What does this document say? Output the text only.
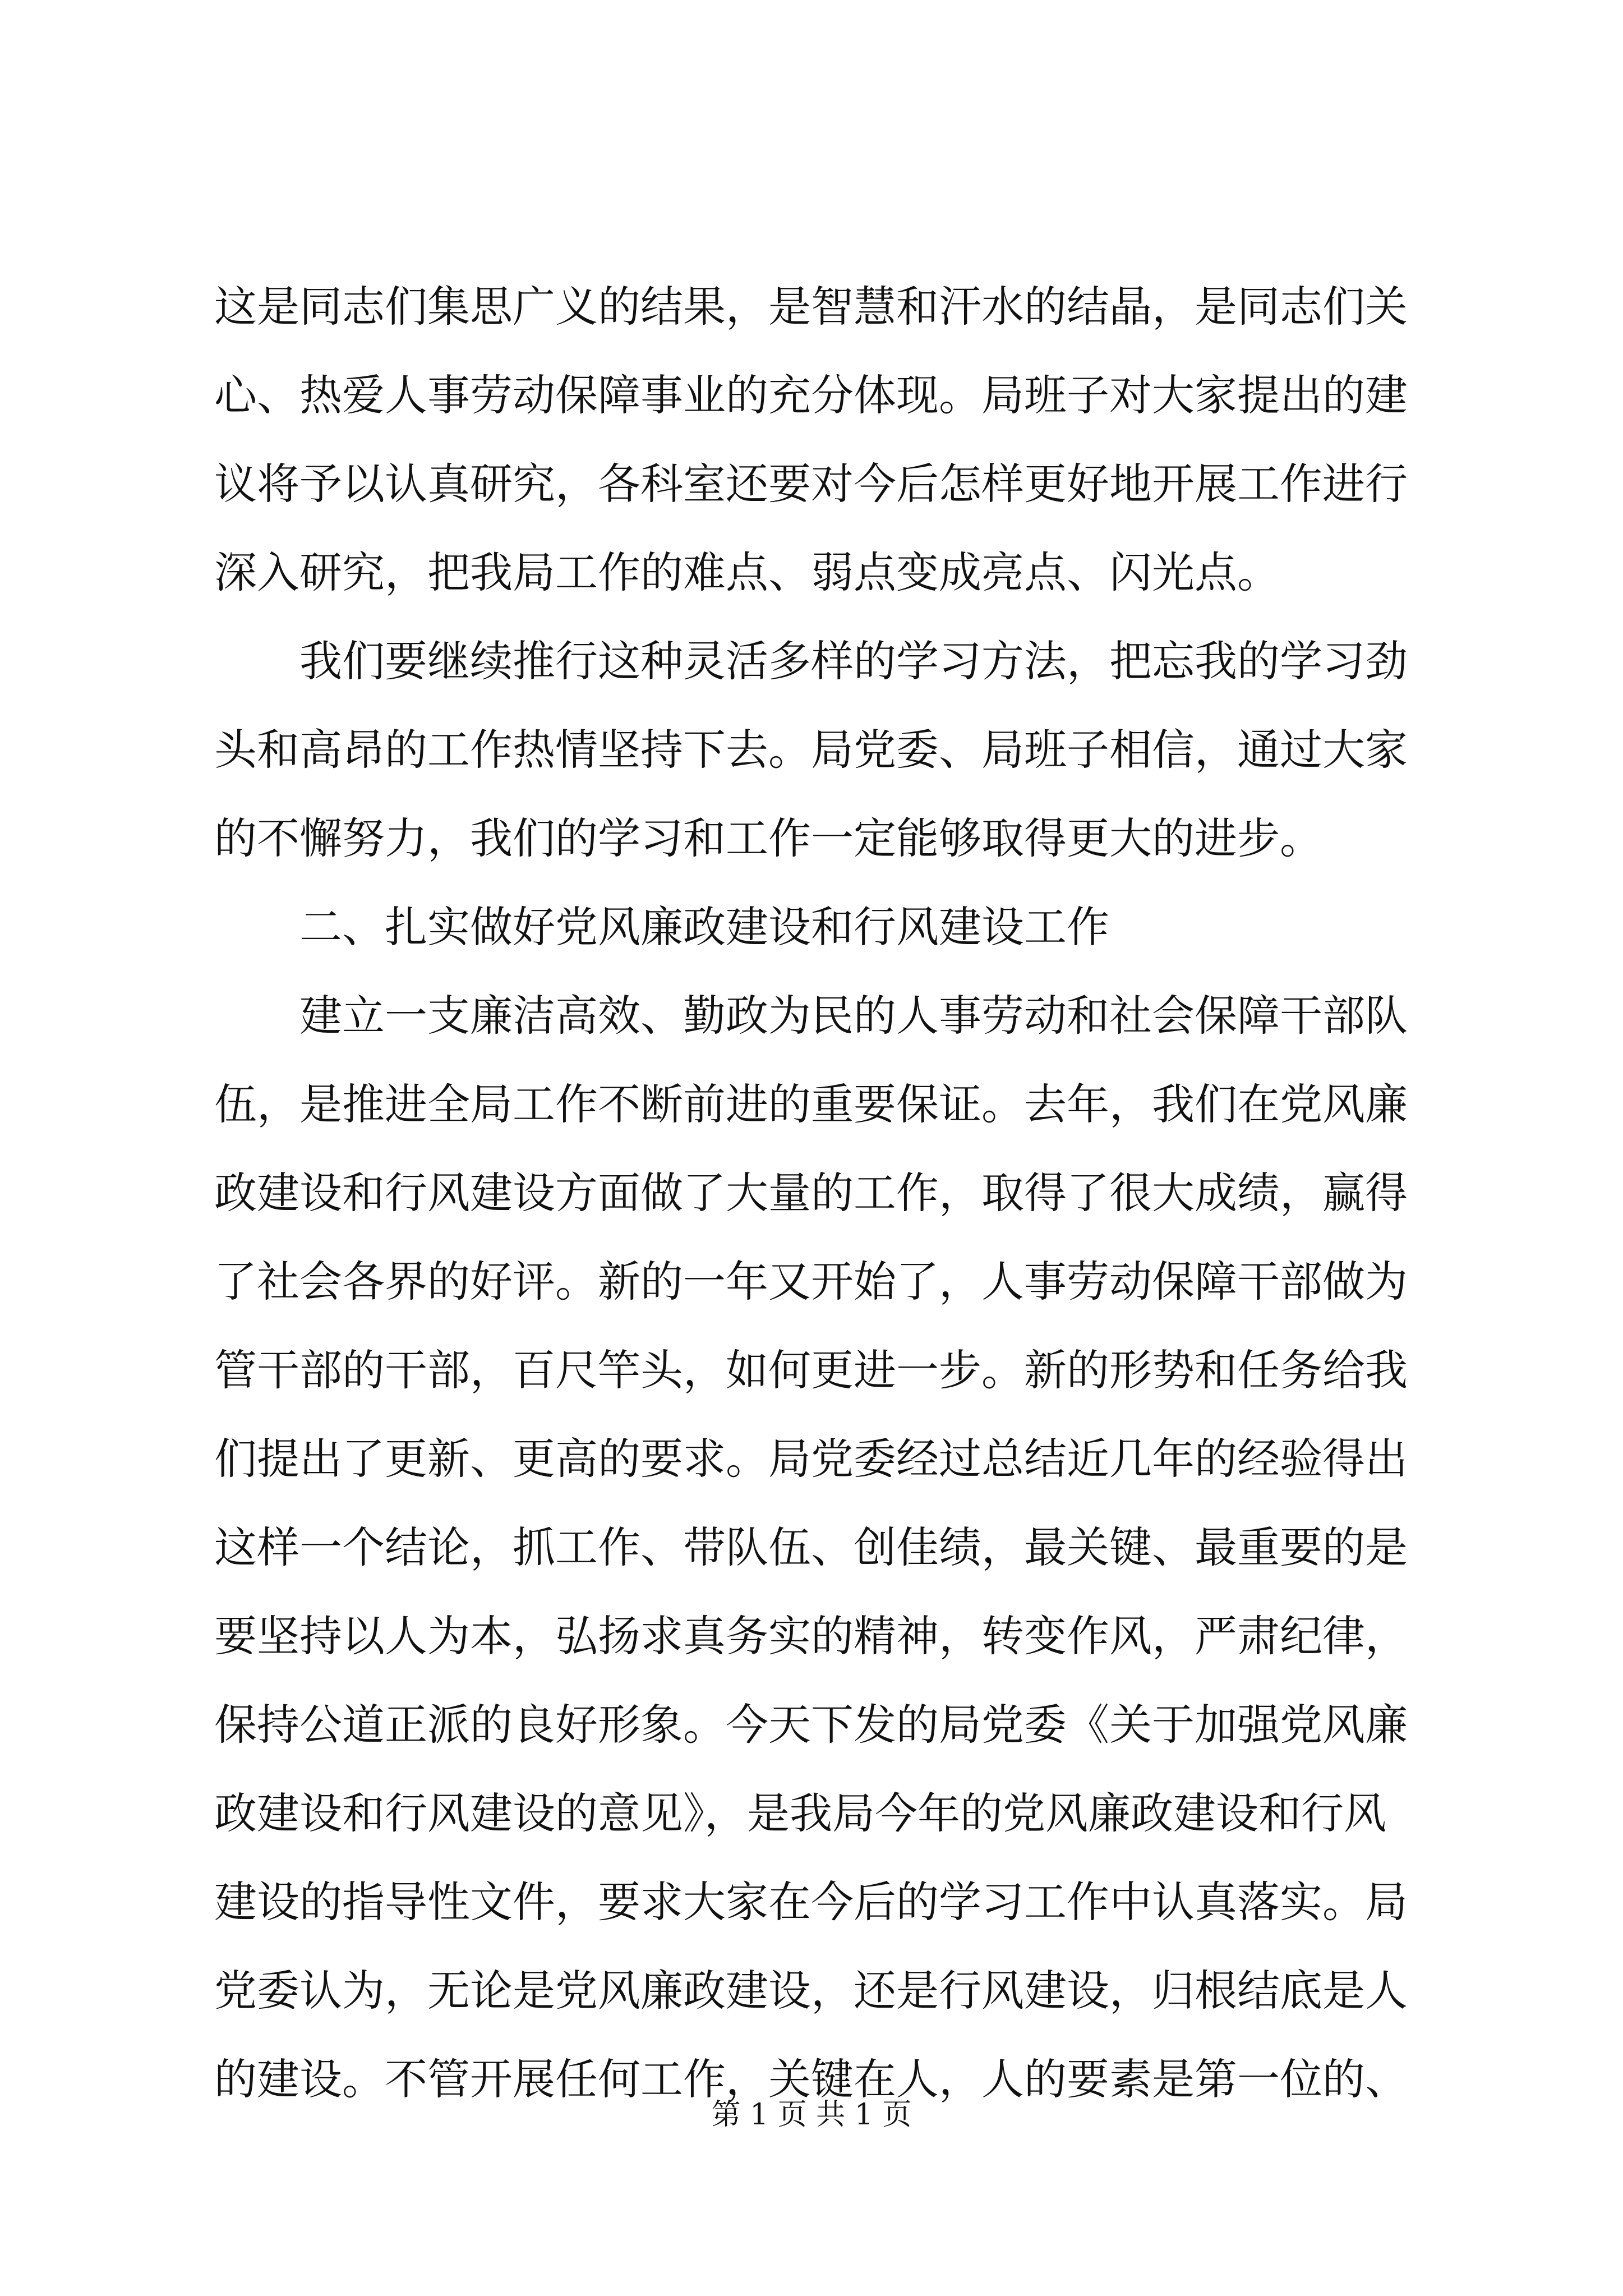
这是同志们集思广义的结果，是智慧和汗水的结晶，是同志们关
心、热爱人事劳动保障事业的充分体现。局班子对大家提出的建
议将予以认真研究，各科室还要对今后怎样更好地开展工作进行
深入研究，把我局工作的难点、弱点变成亮点、闪光点。
我们要继续推行这种灵活多样的学习方法，把忘我的学习劲
头和高昂的工作热情坚持下去。局党委、局班子相信，通过大家
的不懈努力，我们的学习和工作一定能够取得更大的进步。
二、扎实做好党风廉政建设和行风建设工作
建立一支廉洁高效、勤政为民的人事劳动和社会保障干部队
伍，是推进全局工作不断前进的重要保证。去年，我们在党风廉
政建设和行风建设方面做了大量的工作，取得了很大成绩，赢得
了社会各界的好评。新的一年又开始了，人事劳动保障干部做为
管干部的干部，百尺竿头，如何更进一步。新的形势和任务给我
们提出了更新、更高的要求。局党委经过总结近几年的经验得出
这样一个结论，抓工作、带队伍、创佳绩，最关键、最重要的是
要坚持以人为本，弘扬求真务实的精神，转变作风，严肃纪律，
保持公道正派的良好形象。今天下发的局党委《关于加强党风廉
政建设和行风建设的意见》，是我局今年的党风廉政建设和行风
建设的指导性文件，要求大家在今后的学习工作中认真落实。局
党委认为，无论是党风廉政建设，还是行风建设，归根结底是人
的建设。不管开展任何工作，关键在人，人的要素是第一位的、
第 1 页 共 1 页
